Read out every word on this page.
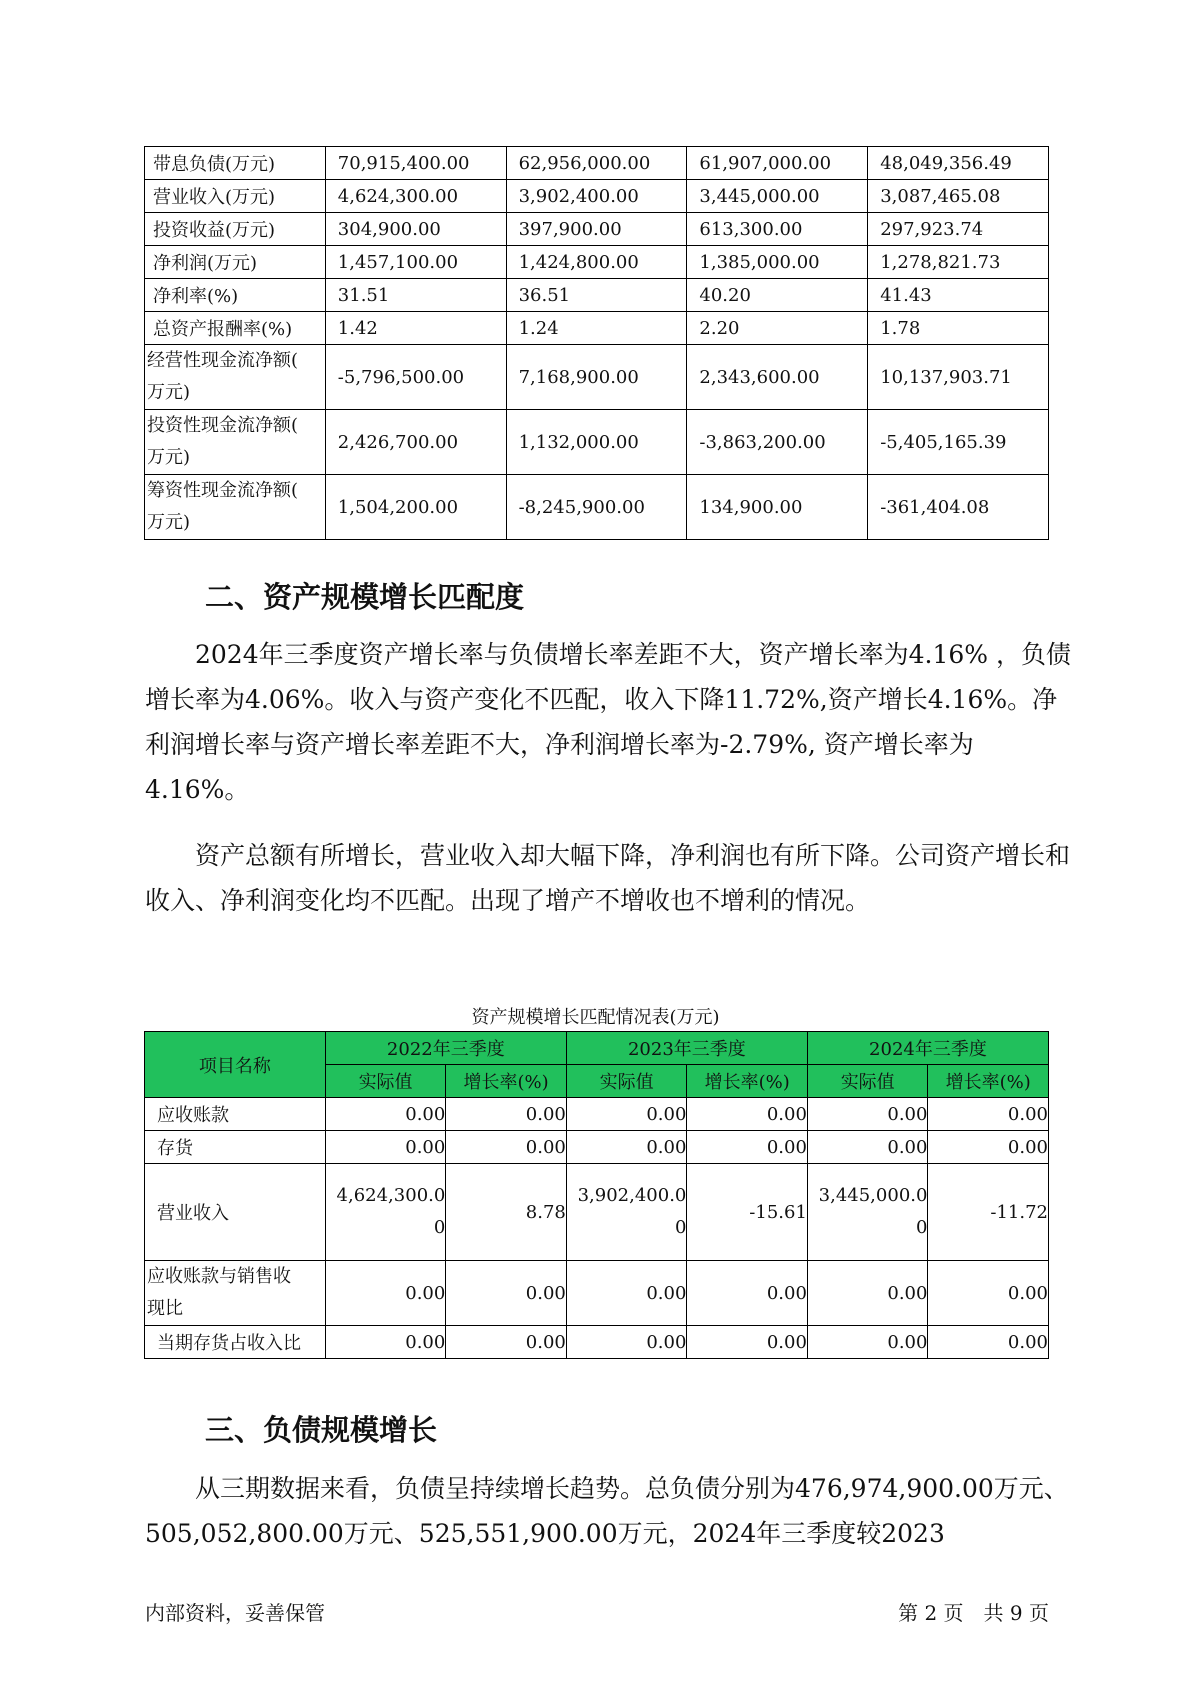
带息负债(万元)	70,915,400.00	62,956,000.00	61,907,000.00	48,049,356.49
营业收入(万元)	4,624,300.00	3,902,400.00	3,445,000.00	3,087,465.08
投资收益(万元)	304,900.00	397,900.00	613,300.00	297,923.74
净利润(万元)	1,457,100.00	1,424,800.00	1,385,000.00	1,278,821.73
净利率(%)	31.51	36.51	40.20	41.43
总资产报酬率(%)	1.42	1.24	2.20	1.78
经营性现金流净额(
万元)	-5,796,500.00	7,168,900.00	2,343,600.00	10,137,903.71
投资性现金流净额(
万元)	2,426,700.00	1,132,000.00	-3,863,200.00	-5,405,165.39
筹资性现金流净额(
万元)	1,504,200.00	-8,245,900.00	134,900.00	-361,404.08
二、资产规模增长匹配度

　　2024年三季度资产增长率与负债增长率差距不大，资产增长率为4.16% ，负债增长率为4.06%。收入与资产变化不匹配，收入下降11.72%,资产增长4.16%。净利润增长率与资产增长率差距不大，净利润增长率为-2.79%, 资产增长率为4.16%。

　　资产总额有所增长，营业收入却大幅下降，净利润也有所下降。公司资产增长和收入、净利润变化均不匹配。出现了增产不增收也不增利的情况。

资产规模增长匹配情况表(万元)

项目名称	2022年三季度		2023年三季度		2024年三季度	
	实际值	增长率(%)	实际值	增长率(%)	实际值	增长率(%)
应收账款	0.00	0.00	0.00	0.00	0.00	0.00
存货	0.00	0.00	0.00	0.00	0.00	0.00
营业收入	4,624,300.0
0	8.78	3,902,400.0
0	-15.61	3,445,000.0
0	-11.72
应收账款与销售收
现比	0.00	0.00	0.00	0.00	0.00	0.00
当期存货占收入比	0.00	0.00	0.00	0.00	0.00	0.00
三、负债规模增长

　　从三期数据来看，负债呈持续增长趋势。总负债分别为476,974,900.00万元、505,052,800.00万元、525,551,900.00万元，2024年三季度较2023

内部资料，妥善保管	第 2 页　共 9 页
